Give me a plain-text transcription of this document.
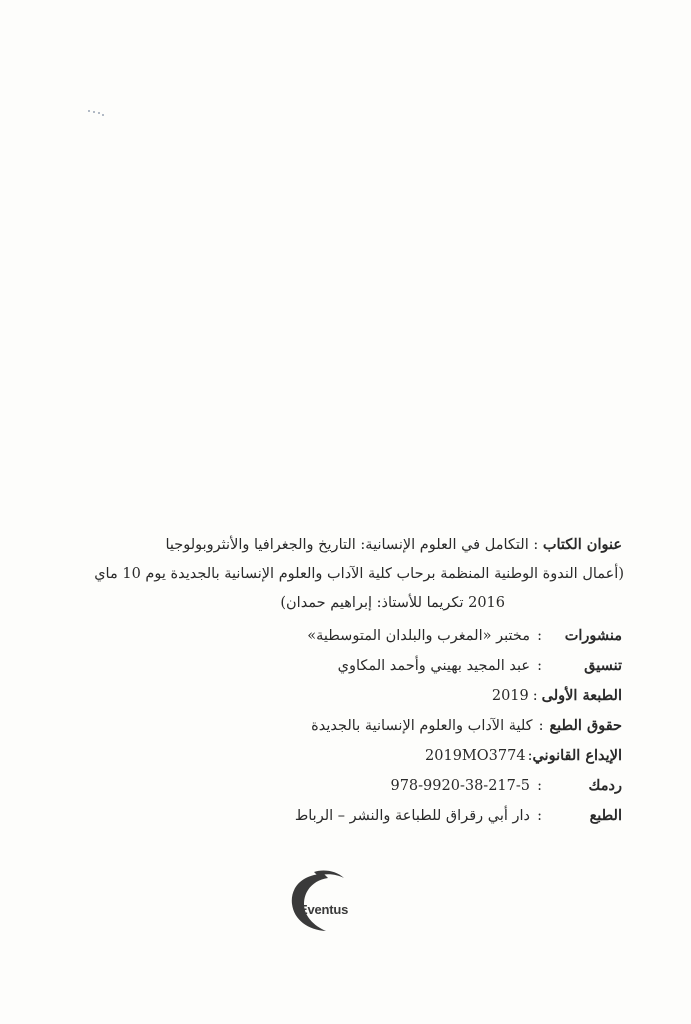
عنوان الكتاب : التكامل في العلوم الإنسانية: التاريخ والجغرافيا والأنثروبولوجيا
(أعمال الندوة الوطنية المنظمة برحاب كلية الآداب والعلوم الإنسانية بالجديدة يوم 10 ماي
2016 تكريما للأستاذ: إبراهيم حمدان)
منشورات:مختبر «المغرب والبلدان المتوسطية»
تنسيق:عبد المجيد بهيني وأحمد المكاوي
الطبعة الأولى:2019
حقوق الطبع:كلية الآداب والعلوم الإنسانية بالجديدة
الإيداع القانوني:2019MO3774
ردمك:978-9920-38-217-5
الطبع:دار أبي رقراق للطباعة والنشر – الرباط
Eventus
